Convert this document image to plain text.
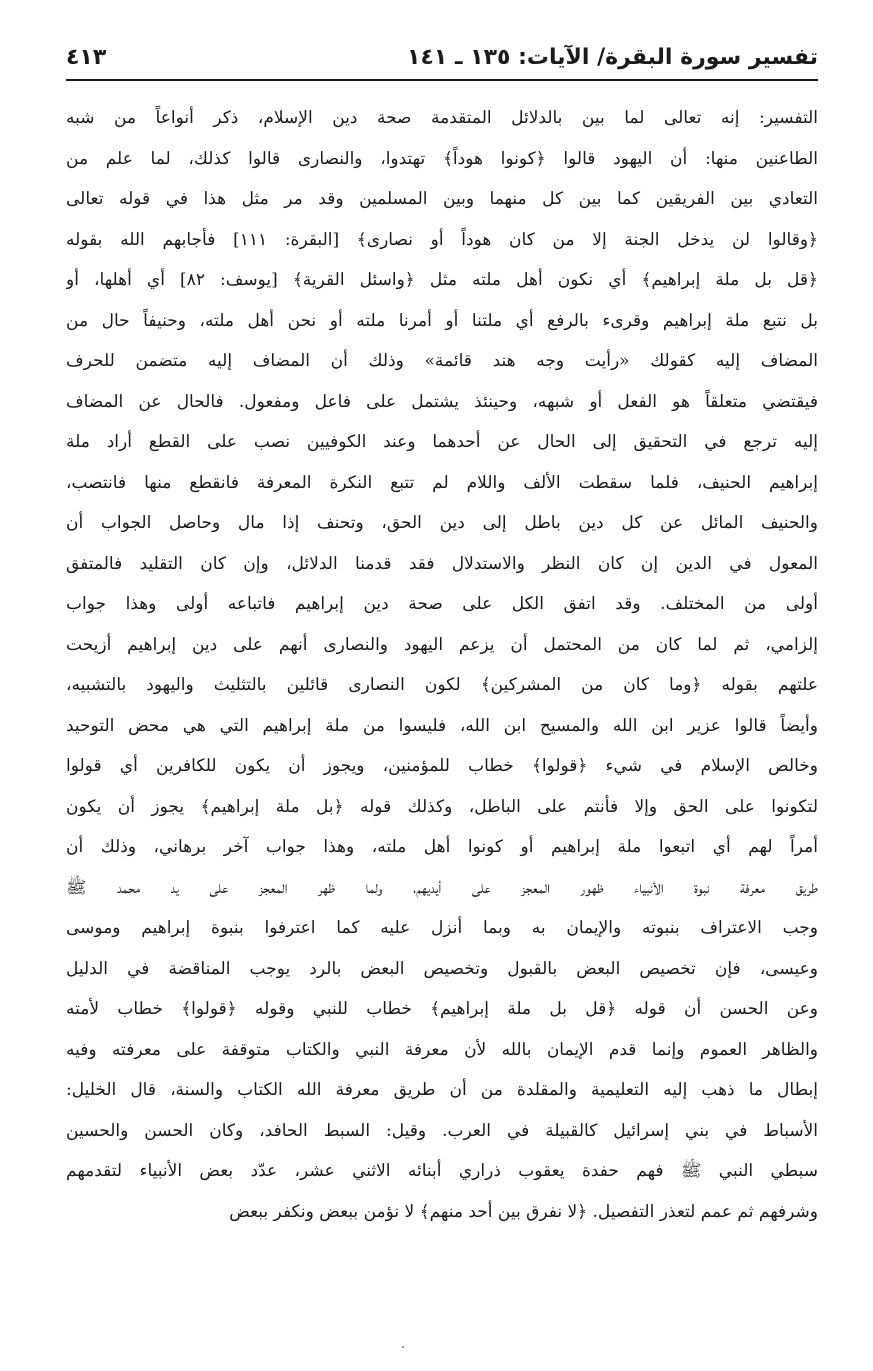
تفسير سورة البقرة/ الآيات: ١٣٥ ـ ١٤١
٤١٣
التفسير: إنه تعالى لما بين بالدلائل المتقدمة صحة دين الإسلام، ذكر أنواعاً من شبه
الطاعنين منها: أن اليهود قالوا ﴿كونوا هوداً﴾ تهتدوا، والنصارى قالوا كذلك، لما علم من
التعادي بين الفريقين كما بين كل منهما وبين المسلمين وقد مر مثل هذا في قوله تعالى
﴿وقالوا لن يدخل الجنة إلا من كان هوداً أو نصارى﴾ [البقرة: ١١١] فأجابهم الله بقوله
﴿قل بل ملة إبراهيم﴾ أي نكون أهل ملته مثل ﴿واسئل القرية﴾ [يوسف: ٨٢] أي أهلها، أو
بل نتبع ملة إبراهيم وقرىء بالرفع أي ملتنا أو أمرنا ملته أو نحن أهل ملته، وحنيفاً حال من
المضاف إليه كقولك «رأيت وجه هند قائمة» وذلك أن المضاف إليه متضمن للحرف
فيقتضي متعلقاً هو الفعل أو شبهه، وحينئذ يشتمل على فاعل ومفعول. فالحال عن المضاف
إليه ترجع في التحقيق إلى الحال عن أحدهما وعند الكوفيين نصب على القطع أراد ملة
إبراهيم الحنيف، فلما سقطت الألف واللام لم تتبع النكرة المعرفة فانقطع منها فانتصب،
والحنيف المائل عن كل دين باطل إلى دين الحق، وتحنف إذا مال وحاصل الجواب أن
المعول في الدين إن كان النظر والاستدلال فقد قدمنا الدلائل، وإن كان التقليد فالمتفق
أولى من المختلف. وقد اتفق الكل على صحة دين إبراهيم فاتباعه أولى وهذا جواب
إلزامي، ثم لما كان من المحتمل أن يزعم اليهود والنصارى أنهم على دين إبراهيم أزيحت
علتهم بقوله ﴿وما كان من المشركين﴾ لكون النصارى قائلين بالتثليث واليهود بالتشبيه،
وأيضاً قالوا عزير ابن الله والمسيح ابن الله، فليسوا من ملة إبراهيم التي هي محض التوحيد
وخالص الإسلام في شيء ﴿قولوا﴾ خطاب للمؤمنين، ويجوز أن يكون للكافرين أي قولوا
لتكونوا على الحق وإلا فأنتم على الباطل، وكذلك قوله ﴿بل ملة إبراهيم﴾ يجوز أن يكون
أمراً لهم أي اتبعوا ملة إبراهيم أو كونوا أهل ملته، وهذا جواب آخر برهاني، وذلك أن
طريق معرفة نبوة الأنبياء ظهور المعجز على أيديهم، ولما ظهر المعجز على يد محمد ﷺ
وجب الاعتراف بنبوته والإيمان به وبما أنزل عليه كما اعترفوا بنبوة إبراهيم وموسى
وعيسى، فإن تخصيص البعض بالقبول وتخصيص البعض بالرد يوجب المناقضة في الدليل
وعن الحسن أن قوله ﴿قل بل ملة إبراهيم﴾ خطاب للنبي وقوله ﴿قولوا﴾ خطاب لأمته
والظاهر العموم وإنما قدم الإيمان بالله لأن معرفة النبي والكتاب متوقفة على معرفته وفيه
إبطال ما ذهب إليه التعليمية والمقلدة من أن طريق معرفة الله الكتاب والسنة، قال الخليل:
الأسباط في بني إسرائيل كالقبيلة في العرب. وقيل: السبط الحافد، وكان الحسن والحسين
سبطي النبي ﷺ فهم حفدة يعقوب ذراري أبنائه الاثني عشر، عدّد بعض الأنبياء لتقدمهم
وشرفهم ثم عمم لتعذر التفصيل. ﴿لا نفرق بين أحد منهم﴾ لا نؤمن ببعض ونكفر ببعض
